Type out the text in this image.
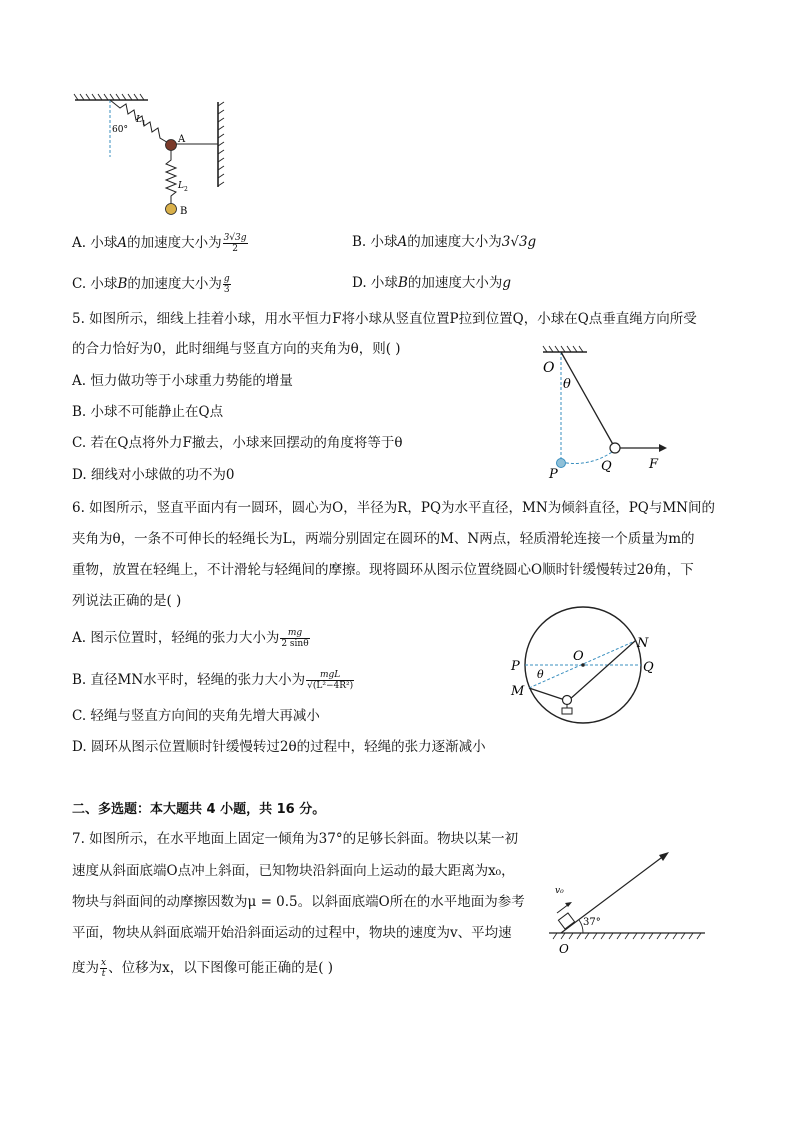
60°
L 1
A
L 2
B
A. 小球A的加速度大小为 $\frac{3√3g}{2}$	B. 小球A的加速度大小为3√3g
C. 小球B的加速度大小为 $\frac{g}{3}$	D. 小球B的加速度大小为g
5. 如图所示，细线上挂着小球，用水平恒力F将小球从竖直位置P拉到位置Q，小球在Q点垂直绳方向所受
的合力恰好为0，此时细绳与竖直方向的夹角为θ，则( )
A. 恒力做功等于小球重力势能的增量
B. 小球不可能静止在Q点
C. 若在Q点将外力F撤去，小球来回摆动的角度将等于θ
D. 细线对小球做的功不为0
O
θ
P
Q	F
6. 如图所示，竖直平面内有一圆环，圆心为O，半径为R，PQ为水平直径，MN为倾斜直径，PQ与MN间的
夹角为θ，一条不可伸长的轻绳长为L，两端分别固定在圆环的M、N两点，轻质滑轮连接一个质量为m的
重物，放置在轻绳上，不计滑轮与轻绳间的摩擦。现将圆环从图示位置绕圆心O顺时针缓慢转过2θ角，下
列说法正确的是( )
A. 图示位置时，轻绳的张力大小为 $\frac{mg}{2 \sin\theta}$
B. 直径MN水平时，轻绳的张力大小为 $\frac{\text{mgL}}{\text{√(L²−4R²)}}$
C. 轻绳与竖直方向间的夹角先增大再减小
D. 圆环从图示位置顺时针缓慢转过2θ的过程中，轻绳的张力逐渐减小
P	Q
O
N
M
θ
二、多选题：本大题共 4 小题，共 16 分。
7. 如图所示，在水平地面上固定一倾角为37°的足够长斜面。物块以某一初
速度从斜面底端O点冲上斜面，已知物块沿斜面向上运动的最大距离为x₀，
物块与斜面间的动摩擦因数为μ = 0.5。以斜面底端O所在的水平地面为参考
平面，物块从斜面底端开始沿斜面运动的过程中，物块的速度为v、平均速
度为 $\frac{x}{t}$ 、位移为x，以下图像可能正确的是( )
v₀
37°
O
